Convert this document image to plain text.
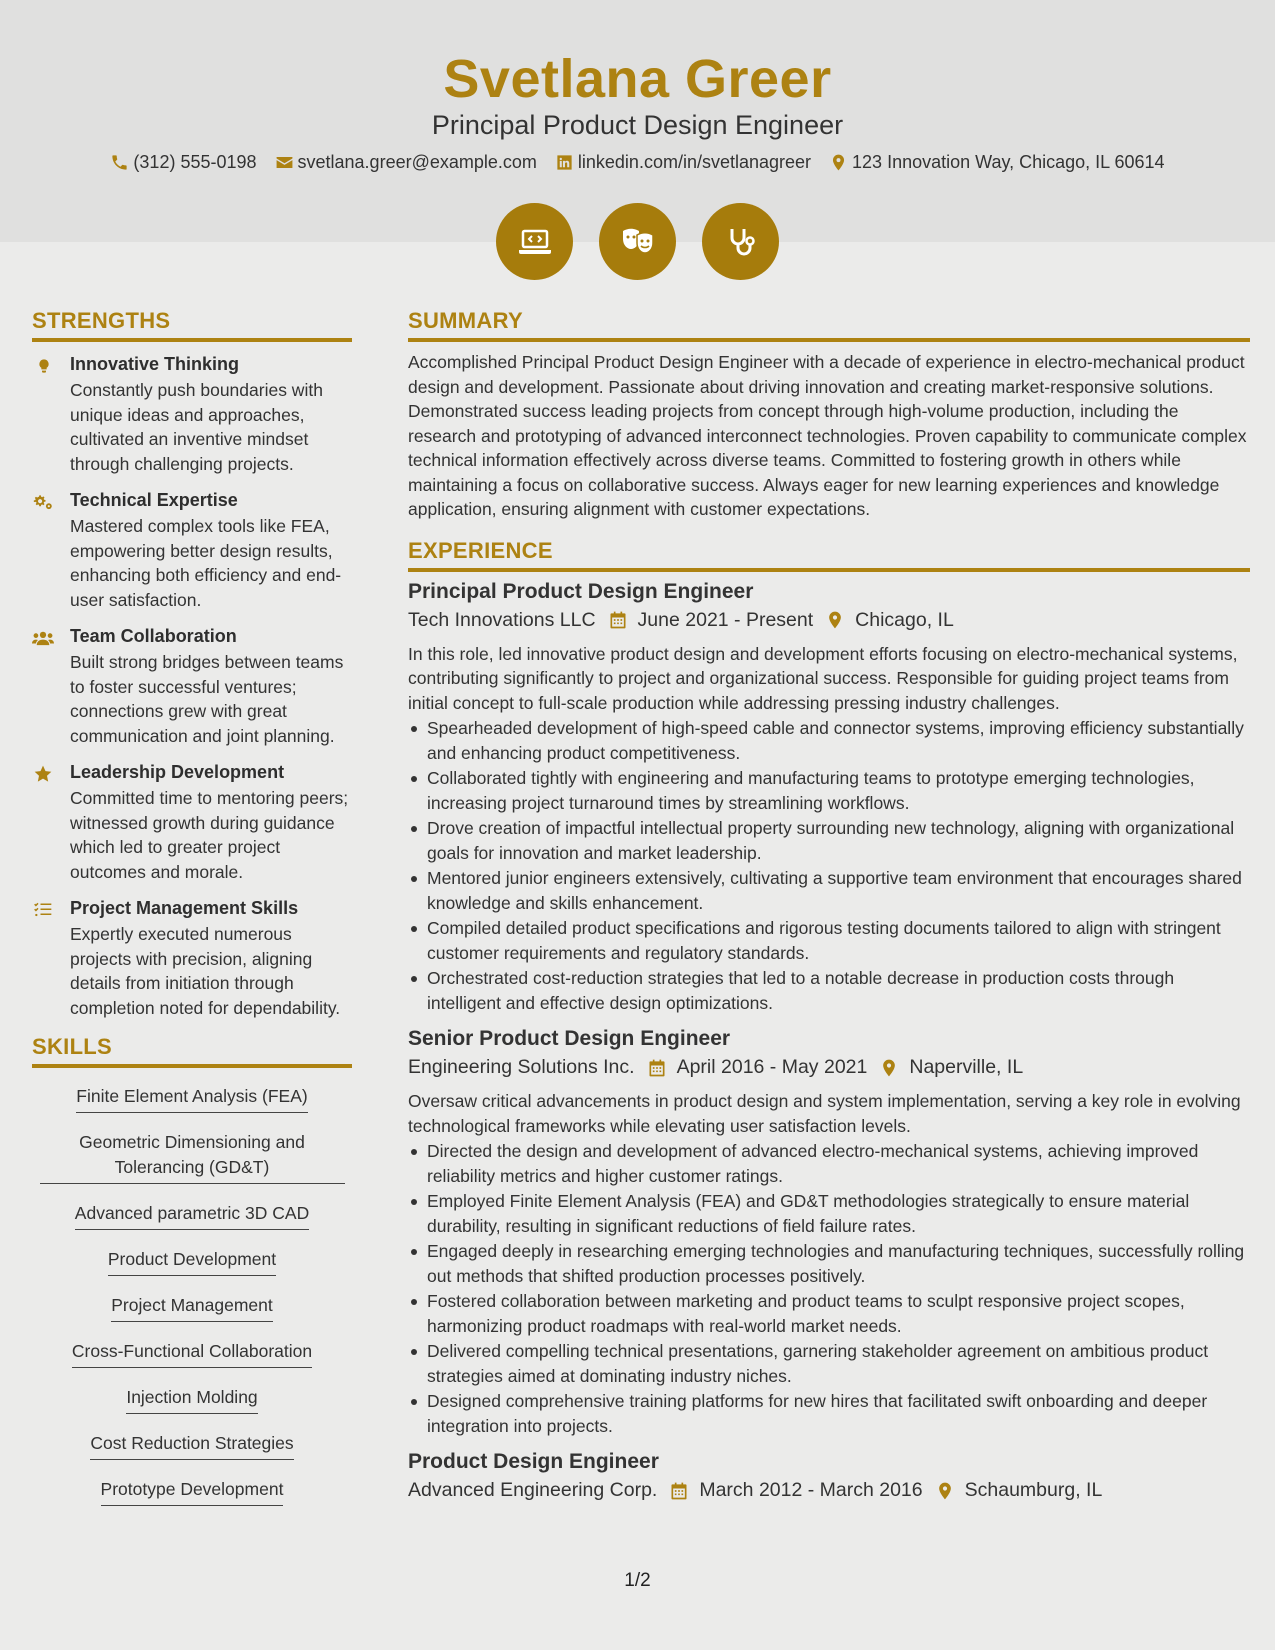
Svetlana Greer
Principal Product Design Engineer
(312) 555-0198 svetlana.greer@example.com linkedin.com/in/svetlanagreer 123 Innovation Way, Chicago, IL 60614
STRENGTHS
Innovative Thinking
Constantly push boundaries with unique ideas and approaches, cultivated an inventive mindset through challenging projects.
Technical Expertise
Mastered complex tools like FEA, empowering better design results, enhancing both efficiency and end-user satisfaction.
Team Collaboration
Built strong bridges between teams to foster successful ventures; connections grew with great communication and joint planning.
Leadership Development
Committed time to mentoring peers; witnessed growth during guidance which led to greater project outcomes and morale.
Project Management Skills
Expertly executed numerous projects with precision, aligning details from initiation through completion noted for dependability.
SKILLS
Finite Element Analysis (FEA)
Geometric Dimensioning and Tolerancing (GD&T)
Advanced parametric 3D CAD
Product Development
Project Management
Cross-Functional Collaboration
Injection Molding
Cost Reduction Strategies
Prototype Development
SUMMARY
Accomplished Principal Product Design Engineer with a decade of experience in electro-mechanical product design and development. Passionate about driving innovation and creating market-responsive solutions. Demonstrated success leading projects from concept through high-volume production, including the research and prototyping of advanced interconnect technologies. Proven capability to communicate complex technical information effectively across diverse teams. Committed to fostering growth in others while maintaining a focus on collaborative success. Always eager for new learning experiences and knowledge application, ensuring alignment with customer expectations.
EXPERIENCE
Principal Product Design Engineer
Tech Innovations LLC June 2021 - Present Chicago, IL
In this role, led innovative product design and development efforts focusing on electro-mechanical systems, contributing significantly to project and organizational success. Responsible for guiding project teams from initial concept to full-scale production while addressing pressing industry challenges.
Spearheaded development of high-speed cable and connector systems, improving efficiency substantially and enhancing product competitiveness.
Collaborated tightly with engineering and manufacturing teams to prototype emerging technologies, increasing project turnaround times by streamlining workflows.
Drove creation of impactful intellectual property surrounding new technology, aligning with organizational goals for innovation and market leadership.
Mentored junior engineers extensively, cultivating a supportive team environment that encourages shared knowledge and skills enhancement.
Compiled detailed product specifications and rigorous testing documents tailored to align with stringent customer requirements and regulatory standards.
Orchestrated cost-reduction strategies that led to a notable decrease in production costs through intelligent and effective design optimizations.
Senior Product Design Engineer
Engineering Solutions Inc. April 2016 - May 2021 Naperville, IL
Oversaw critical advancements in product design and system implementation, serving a key role in evolving technological frameworks while elevating user satisfaction levels.
Directed the design and development of advanced electro-mechanical systems, achieving improved reliability metrics and higher customer ratings.
Employed Finite Element Analysis (FEA) and GD&T methodologies strategically to ensure material durability, resulting in significant reductions of field failure rates.
Engaged deeply in researching emerging technologies and manufacturing techniques, successfully rolling out methods that shifted production processes positively.
Fostered collaboration between marketing and product teams to sculpt responsive project scopes, harmonizing product roadmaps with real-world market needs.
Delivered compelling technical presentations, garnering stakeholder agreement on ambitious product strategies aimed at dominating industry niches.
Designed comprehensive training platforms for new hires that facilitated swift onboarding and deeper integration into projects.
Product Design Engineer
Advanced Engineering Corp. March 2012 - March 2016 Schaumburg, IL
1/2
